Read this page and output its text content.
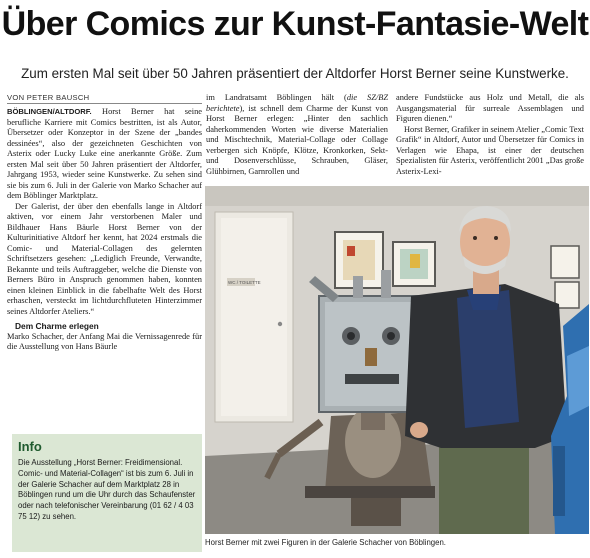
Über Comics zur Kunst-Fantasie-Welt
Zum ersten Mal seit über 50 Jahren präsentiert der Altdorfer Horst Berner seine Kunstwerke.
VON PETER BAUSCH

BÖBLINGEN/ALTDORF. Horst Berner hat seine berufliche Karriere mit Comics bestritten, ist als Autor, Übersetzer oder Konzeptor in der Szene der „bandes dessinées“, also der gezeichneten Geschichten von Asterix oder Lucky Luke eine anerkannte Größe. Zum ersten Mal seit über 50 Jahren präsentiert der Altdorfer, Jahrgang 1953, wieder seine Kunstwerke. Zu sehen sind sie bis zum 6. Juli in der Galerie von Marko Schacher auf dem Böblinger Marktplatz.

Der Galerist, der über den ebenfalls lange in Altdorf aktiven, vor einem Jahr verstorbenen Maler und Bildhauer Hans Bäurle Horst Berner von der Kulturinitiative Altdorf her kennt, hat 2024 erstmals die Comic- und Material-Collagen des gelernten Schriftsetzers gesehen: „Lediglich Freunde, Verwandte, Bekannte und teils Auftraggeber, welche die Dienste von Berners Büro in Anspruch genommen haben, konnten einen kleinen Einblick in die fabelhafte Welt des Horst erhaschen, versteckt im lichtdurchfluteten Hinterzimmer seines Altdorfer Ateliers.“

Dem Charme erlegen

Marko Schacher, der Anfang Mai die Vernissagenrede für die Ausstellung von Hans Bäurle

im Landratsamt Böblingen hält (die SZ/BZ berichtete), ist schnell dem Charme der Kunst von Horst Berner erlegen: „Hinter den sachlich daherkommenden Worten wie diverse Materialien und Mischtechnik, Material-Collage oder Collage verbergen sich Knöpfe, Klötze, Kronkorken, Sekt- und Dosenverschlüsse, Schrauben, Gläser, Glühbirnen, Garnrollen und

andere Fundstücke aus Holz und Metall, die als Ausgangsmaterial für surreale Assemblagen und Figuren dienen.“

Horst Berner, Grafiker in seinem Atelier „Comic Text Grafik“ in Altdorf, Autor und Übersetzer für Comics in Verlagen wie Ehapa, ist einer der deutschen Spezialisten für Asterix, veröffentlicht 2001 „Das große Asterix-Lexi-

Info
Die Ausstellung „Horst Berner: Freidimensional. Comic- und Material-Collagen“ ist bis zum 6. Juli in der Galerie Schacher auf dem Marktplatz 28 in Böblingen rund um die Uhr durch das Schaufenster oder nach telefonischer Vereinbarung (01 62 / 4 03 75 12) zu sehen.
WC / TOILETTE
Horst Berner mit zwei Figuren in der Galerie Schacher von Böblingen.
